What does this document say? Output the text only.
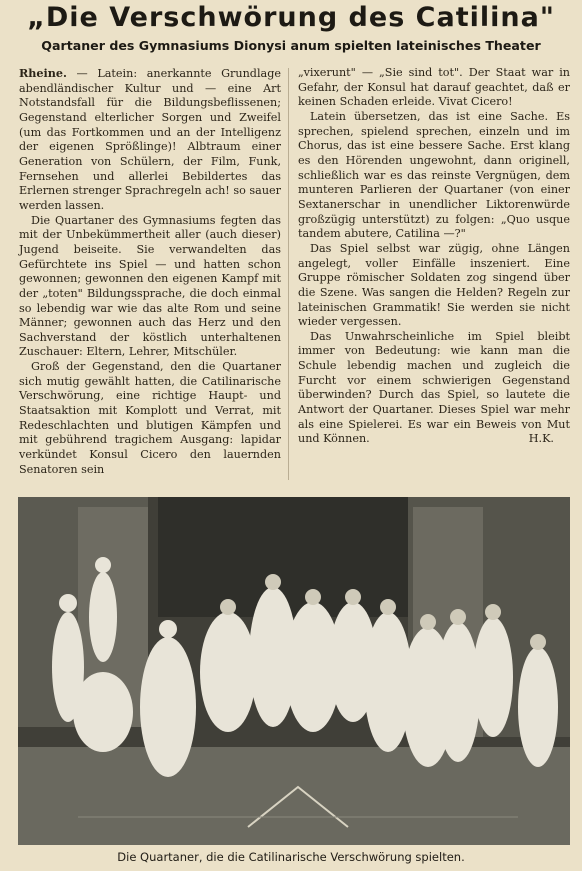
„Die Verschwörung des Catilina"
Qartaner des Gymnasiums Dionysi anum spielten lateinisches Theater

Rheine. — Latein: anerkannte Grundlage abendländischer Kultur und — eine Art Notstandsfall für die Bildungsbeflissenen; Gegenstand elterlicher Sorgen und Zweifel (um das Fortkommen und an der Intelligenz der eigenen Sprößlinge)! Albtraum einer Generation von Schülern, der Film, Funk, Fernsehen und allerlei Bebildertes das Erlernen strenger Sprachregeln ach! so sauer werden lassen.

Die Quartaner des Gymnasiums fegten das mit der Unbekümmertheit aller (auch dieser) Jugend beiseite. Sie verwandelten das Gefürchtete ins Spiel — und hatten schon gewonnen; gewonnen den eigenen Kampf mit der „toten" Bildungssprache, die doch einmal so lebendig war wie das alte Rom und seine Männer; gewonnen auch das Herz und den Sachverstand der köstlich unterhaltenen Zuschauer: Eltern, Lehrer, Mitschüler.

Groß der Gegenstand, den die Quartaner sich mutig gewählt hatten, die Catilinarische Verschwörung, eine richtige Haupt- und Staatsaktion mit Komplott und Verrat, mit Redeschlachten und blutigen Kämpfen und mit gebührend tragichem Ausgang: lapidar verkündet Konsul Cicero den lauernden Senatoren sein

„vixerunt" — „Sie sind tot". Der Staat war in Gefahr, der Konsul hat darauf geachtet, daß er keinen Schaden erleide. Vivat Cicero!

Latein übersetzen, das ist eine Sache. Es sprechen, spielend sprechen, einzeln und im Chorus, das ist eine bessere Sache. Erst klang es den Hörenden ungewohnt, dann originell, schließlich war es das reinste Vergnügen, dem munteren Parlieren der Quartaner (von einer Sextanerschar in unendlicher Liktorenwürde großzügig unterstützt) zu folgen: „Quo usque tandem abutere, Catilina —?"

Das Spiel selbst war zügig, ohne Längen angelegt, voller Einfälle inszeniert. Eine Gruppe römischer Soldaten zog singend über die Szene. Was sangen die Helden? Regeln zur lateinischen Grammatik! Sie werden sie nicht wieder vergessen.

Das Unwahrscheinliche im Spiel bleibt immer von Bedeutung: wie kann man die Schule lebendig machen und zugleich die Furcht vor einem schwierigen Gegenstand überwinden? Durch das Spiel, so lautete die Antwort der Quartaner. Dieses Spiel war mehr als eine Spielerei. Es war ein Beweis von Mut und Können.	H.K.

Die Quartaner, die die Catilinarische Verschwörung spielten.
